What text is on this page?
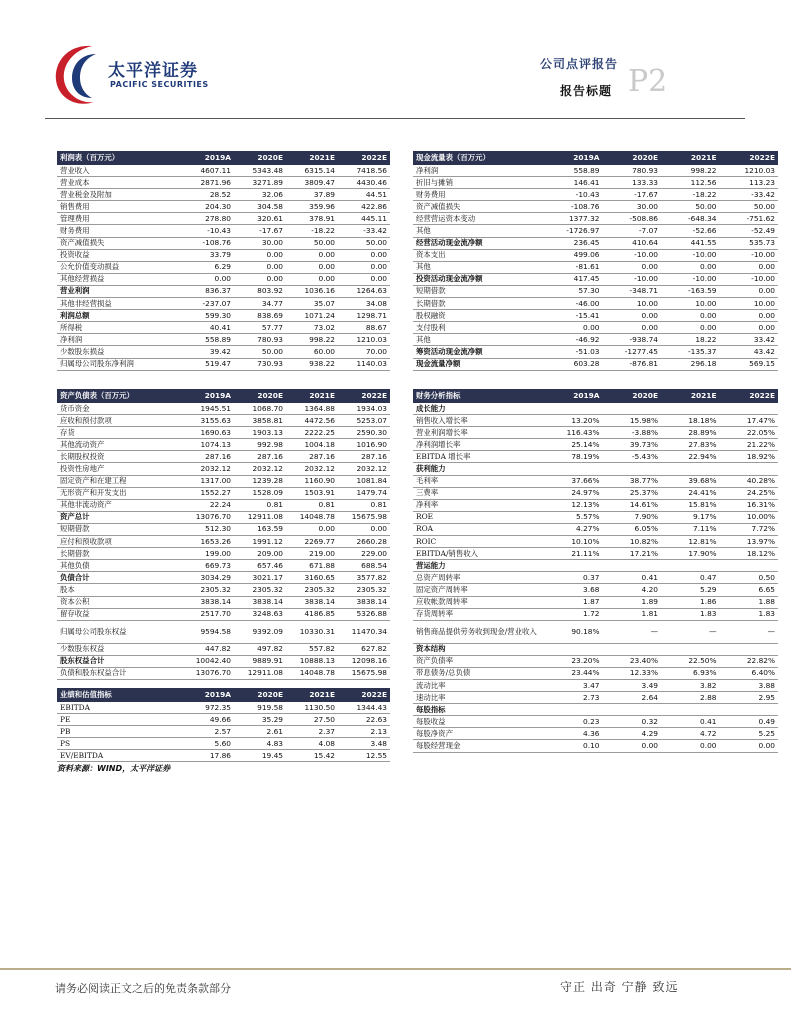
太平洋证券
PACIFIC SECURITIES
公司点评报告 P2
报告标题
利润表（百万元）	2019A	2020E	2021E	2022E
营业收入	4607.11	5343.48	6315.14	7418.56
营业成本	2871.96	3271.89	3809.47	4430.46
营业税金及附加	28.52	32.06	37.89	44.51
销售费用	204.30	304.58	359.96	422.86
管理费用	278.80	320.61	378.91	445.11
财务费用	-10.43	-17.67	-18.22	-33.42
资产减值损失	-108.76	30.00	50.00	50.00
投资收益	33.79	0.00	0.00	0.00
公允价值变动损益	6.29	0.00	0.00	0.00
其他经营损益	0.00	0.00	0.00	0.00
营业利润	836.37	803.92	1036.16	1264.63
其他非经营损益	-237.07	34.77	35.07	34.08
利润总额	599.30	838.69	1071.24	1298.71
所得税	40.41	57.77	73.02	88.67
净利润	558.89	780.93	998.22	1210.03
少数股东损益	39.42	50.00	60.00	70.00
归属母公司股东净利润	519.47	730.93	938.22	1140.03
现金流量表（百万元）	2019A	2020E	2021E	2022E
净利润	558.89	780.93	998.22	1210.03
折旧与摊销	146.41	133.33	112.56	113.23
财务费用	-10.43	-17.67	-18.22	-33.42
资产减值损失	-108.76	30.00	50.00	50.00
经营营运资本变动	1377.32	-508.86	-648.34	-751.62
其他	-1726.97	-7.07	-52.66	-52.49
经营活动现金流净额	236.45	410.64	441.55	535.73
资本支出	499.06	-10.00	-10.00	-10.00
其他	-81.61	0.00	0.00	0.00
投资活动现金流净额	417.45	-10.00	-10.00	-10.00
短期借款	57.30	-348.71	-163.59	0.00
长期借款	-46.00	10.00	10.00	10.00
股权融资	-15.41	0.00	0.00	0.00
支付股利	0.00	0.00	0.00	0.00
其他	-46.92	-938.74	18.22	33.42
筹资活动现金流净额	-51.03	-1277.45	-135.37	43.42
现金流量净额	603.28	-876.81	296.18	569.15
资产负债表（百万元）	2019A	2020E	2021E	2022E
货币资金	1945.51	1068.70	1364.88	1934.03
应收和预付款项	3155.63	3858.81	4472.56	5253.07
存货	1690.63	1903.13	2222.25	2590.30
其他流动资产	1074.13	992.98	1004.18	1016.90
长期股权投资	287.16	287.16	287.16	287.16
投资性房地产	2032.12	2032.12	2032.12	2032.12
固定资产和在建工程	1317.00	1239.28	1160.90	1081.84
无形资产和开发支出	1552.27	1528.09	1503.91	1479.74
其他非流动资产	22.24	0.81	0.81	0.81
资产总计	13076.70	12911.08	14048.78	15675.98
短期借款	512.30	163.59	0.00	0.00
应付和预收款项	1653.26	1991.12	2269.77	2660.28
长期借款	199.00	209.00	219.00	229.00
其他负债	669.73	657.46	671.88	688.54
负债合计	3034.29	3021.17	3160.65	3577.82
股本	2305.32	2305.32	2305.32	2305.32
资本公积	3838.14	3838.14	3838.14	3838.14
留存收益	2517.70	3248.63	4186.85	5326.88
归属母公司股东权益	9594.58	9392.09	10330.31	11470.34
少数股东权益	447.82	497.82	557.82	627.82
股东权益合计	10042.40	9889.91	10888.13	12098.16
负债和股东权益合计	13076.70	12911.08	14048.78	15675.98
业绩和估值指标	2019A	2020E	2021E	2022E
EBITDA	972.35	919.58	1130.50	1344.43
PE	49.66	35.29	27.50	22.63
PB	2.57	2.61	2.37	2.13
PS	5.60	4.83	4.08	3.48
EV/EBITDA	17.86	19.45	15.42	12.55
财务分析指标	2019A	2020E	2021E	2022E
成长能力				
销售收入增长率	13.20%	15.98%	18.18%	17.47%
营业利润增长率	116.43%	-3.88%	28.89%	22.05%
净利润增长率	25.14%	39.73%	27.83%	21.22%
EBITDA 增长率	78.19%	-5.43%	22.94%	18.92%
获利能力				
毛利率	37.66%	38.77%	39.68%	40.28%
三费率	24.97%	25.37%	24.41%	24.25%
净利率	12.13%	14.61%	15.81%	16.31%
ROE	5.57%	7.90%	9.17%	10.00%
ROA	4.27%	6.05%	7.11%	7.72%
ROIC	10.10%	10.82%	12.81%	13.97%
EBITDA/销售收入	21.11%	17.21%	17.90%	18.12%
营运能力				
总资产周转率	0.37	0.41	0.47	0.50
固定资产周转率	3.68	4.20	5.29	6.65
应收帐款周转率	1.87	1.89	1.86	1.88
存货周转率	1.72	1.81	1.83	1.83
销售商品提供劳务收到现金/营业收入	90.18%	—	—	—
资本结构				
资产负债率	23.20%	23.40%	22.50%	22.82%
带息债务/总负债	23.44%	12.33%	6.93%	6.40%
流动比率	3.47	3.49	3.82	3.88
速动比率	2.73	2.64	2.88	2.95
每股指标				
每股收益	0.23	0.32	0.41	0.49
每股净资产	4.36	4.29	4.72	5.25
每股经营现金	0.10	0.00	0.00	0.00
资料来源：WIND，太平洋证券
请务必阅读正文之后的免责条款部分	守正 出奇 宁静 致远
